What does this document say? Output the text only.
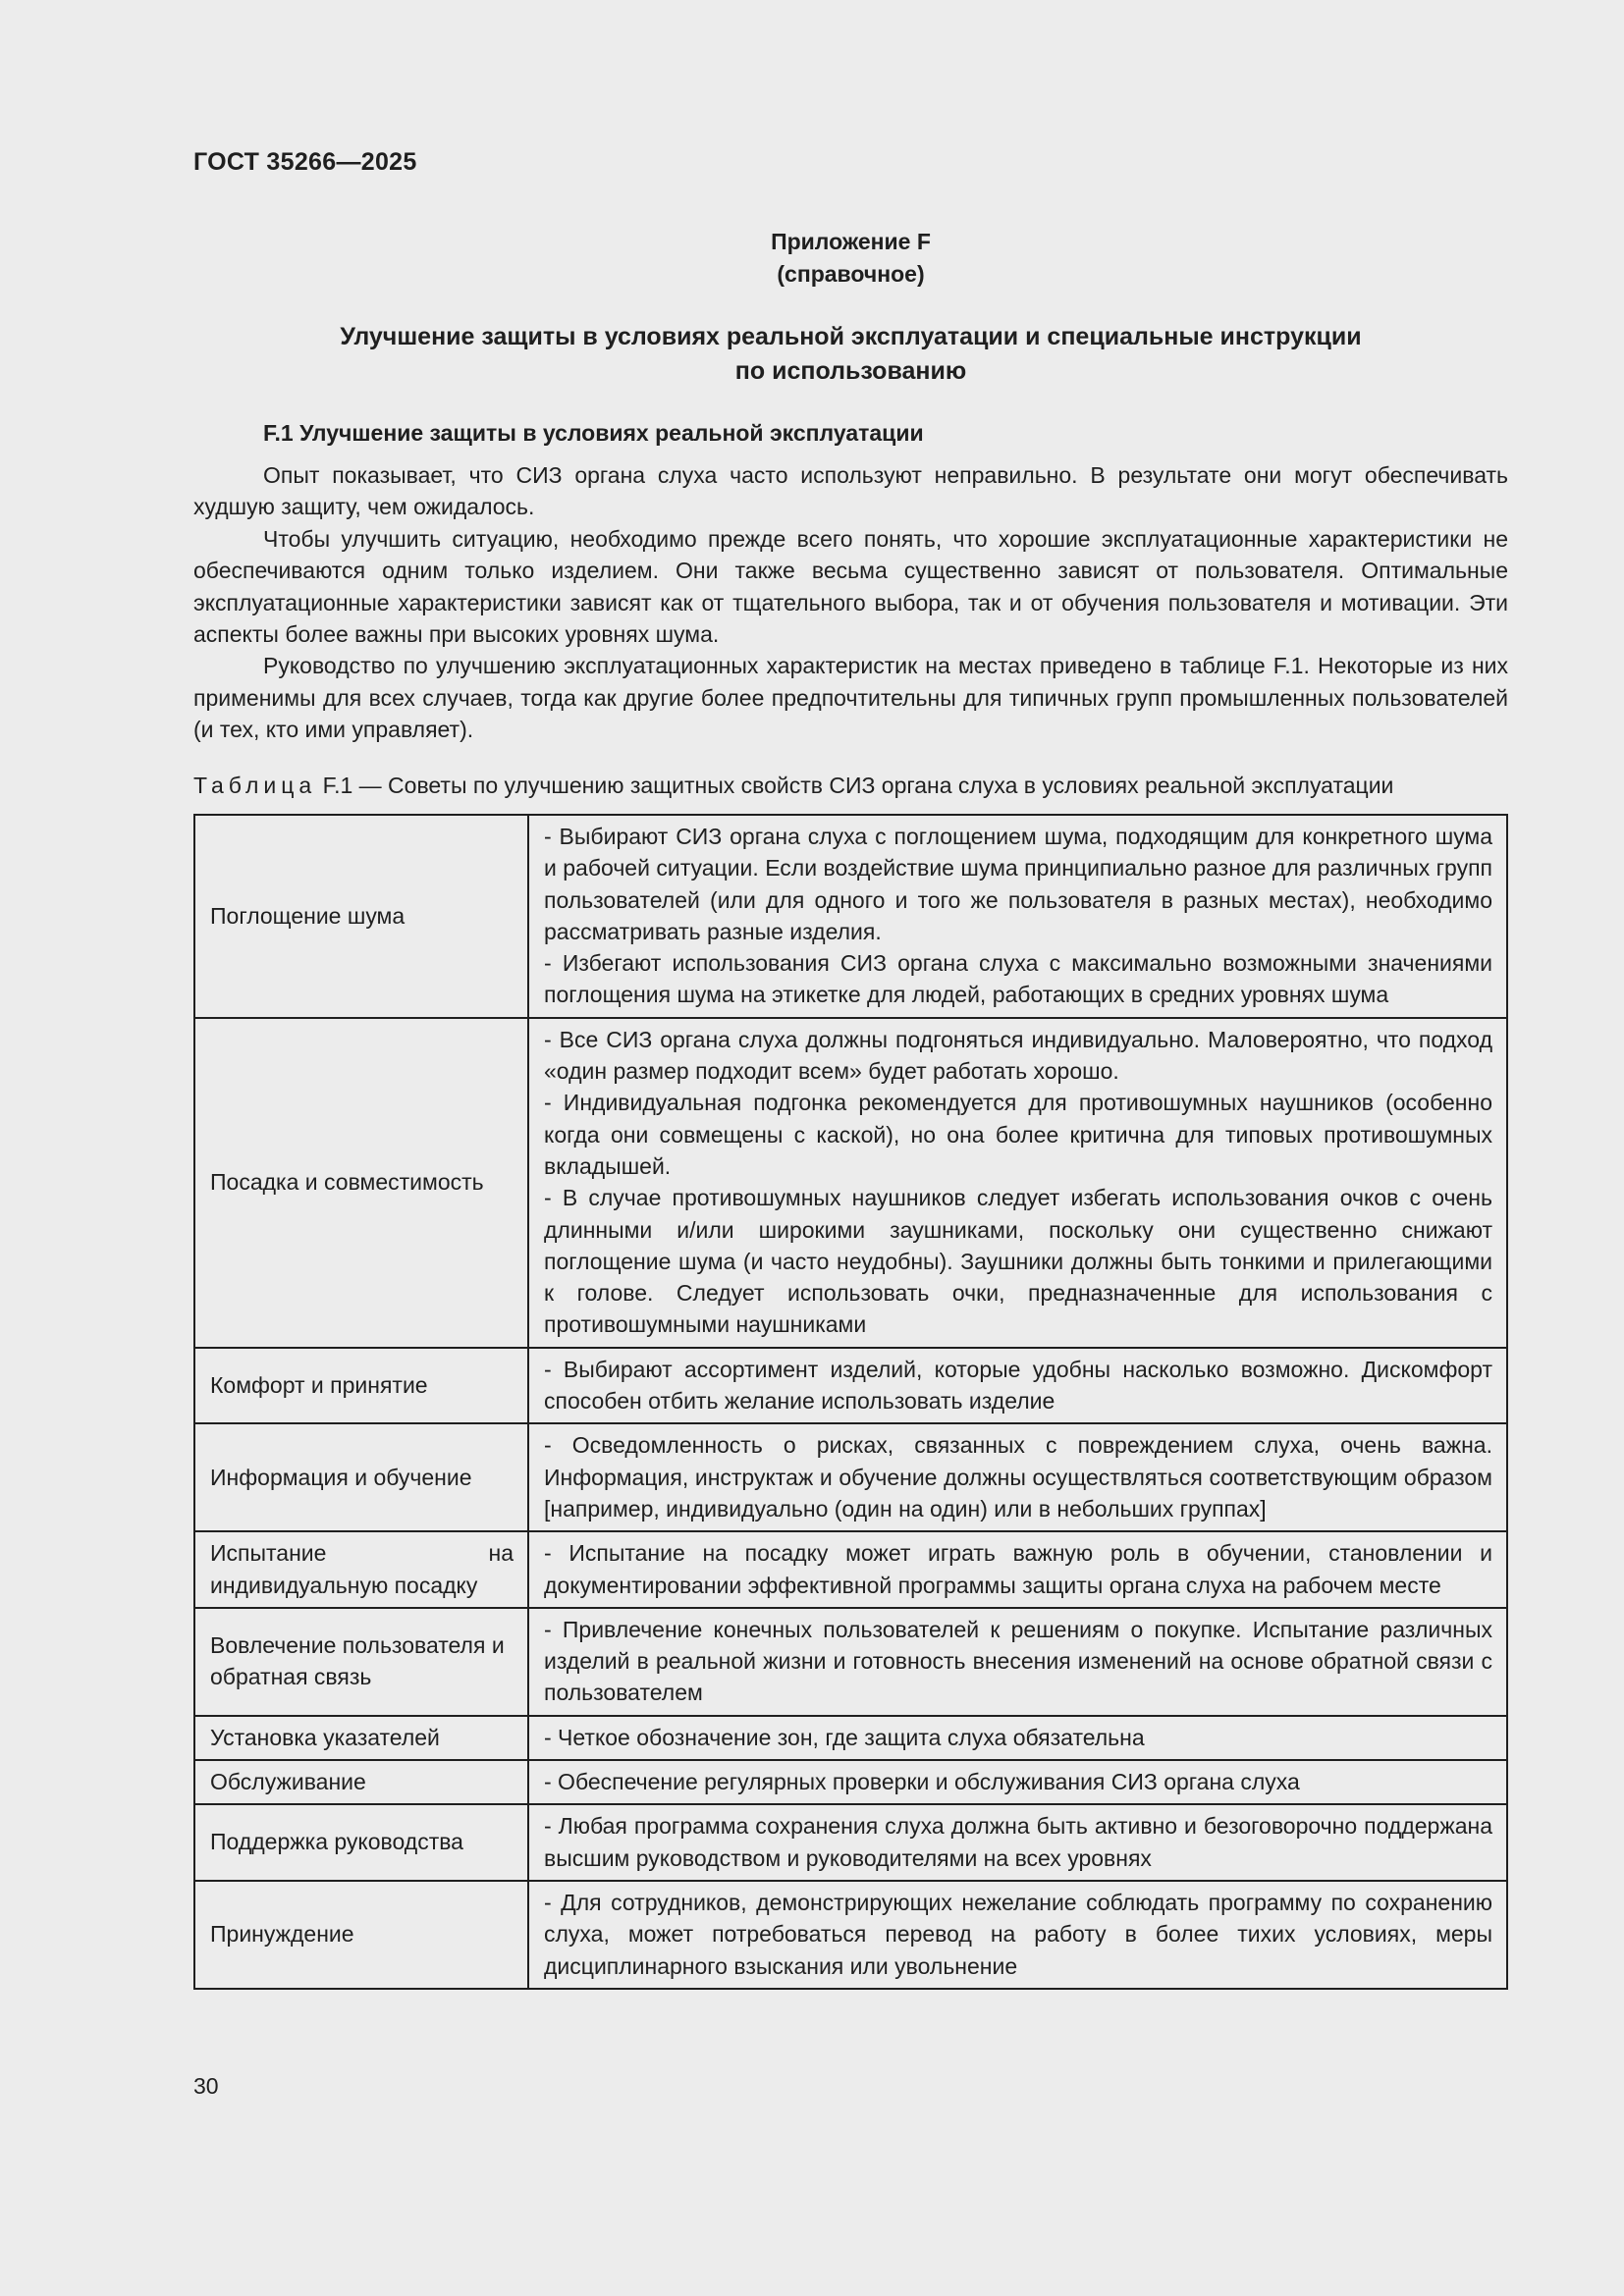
ГОСТ 35266—2025
Приложение F
(справочное)
Улучшение защиты в условиях реальной эксплуатации и специальные инструкции
по использованию
F.1 Улучшение защиты в условиях реальной эксплуатации

Опыт показывает, что СИЗ органа слуха часто используют неправильно. В результате они могут обеспечивать худшую защиту, чем ожидалось.

Чтобы улучшить ситуацию, необходимо прежде всего понять, что хорошие эксплуатационные характеристики не обеспечиваются одним только изделием. Они также весьма существенно зависят от пользователя. Оптимальные эксплуатационные характеристики зависят как от тщательного выбора, так и от обучения пользователя и мотивации. Эти аспекты более важны при высоких уровнях шума.

Руководство по улучшению эксплуатационных характеристик на местах приведено в таблице F.1. Некоторые из них применимы для всех случаев, тогда как другие более предпочтительны для типичных групп промышленных пользователей (и тех, кто ими управляет).

Таблица F.1 — Советы по улучшению защитных свойств СИЗ органа слуха в условиях реальной эксплуатации
Поглощение шума	- Выбирают СИЗ органа слуха с поглощением шума, подходящим для конкретного шума и рабочей ситуации. Если воздействие шума принципиально разное для различных групп пользователей (или для одного и того же пользователя в разных местах), необходимо рассматривать разные изделия.
- Избегают использования СИЗ органа слуха с максимально возможными значениями поглощения шума на этикетке для людей, работающих в средних уровнях шума

Посадка и совместимость	- Все СИЗ органа слуха должны подгоняться индивидуально. Маловероятно, что подход «один размер подходит всем» будет работать хорошо.
- Индивидуальная подгонка рекомендуется для противошумных наушников (особенно когда они совмещены с каской), но она более критична для типовых противошумных вкладышей.
- В случае противошумных наушников следует избегать использования очков с очень длинными и/или широкими заушниками, поскольку они существенно снижают поглощение шума (и часто неудобны). Заушники должны быть тонкими и прилегающими к голове. Следует использовать очки, предназначенные для использования с противошумными наушниками

Комфорт и принятие	- Выбирают ассортимент изделий, которые удобны насколько возможно. Дискомфорт способен отбить желание использовать изделие

Информация и обучение	- Осведомленность о рисках, связанных с повреждением слуха, очень важна. Информация, инструктаж и обучение должны осуществляться соответствующим образом [например, индивидуально (один на один) или в небольших группах]

Испытание на индивидуальную посадку	- Испытание на посадку может играть важную роль в обучении, становлении и документировании эффективной программы защиты органа слуха на рабочем месте

Вовлечение пользователя и обратная связь	- Привлечение конечных пользователей к решениям о покупке. Испытание различных изделий в реальной жизни и готовность внесения изменений на основе обратной связи с пользователем

Установка указателей	- Четкое обозначение зон, где защита слуха обязательна

Обслуживание	- Обеспечение регулярных проверки и обслуживания СИЗ органа слуха

Поддержка руководства	- Любая программа сохранения слуха должна быть активно и безоговорочно поддержана высшим руководством и руководителями на всех уровнях

Принуждение	- Для сотрудников, демонстрирующих нежелание соблюдать программу по сохранению слуха, может потребоваться перевод на работу в более тихих условиях, меры дисциплинарного взыскания или увольнение
30
